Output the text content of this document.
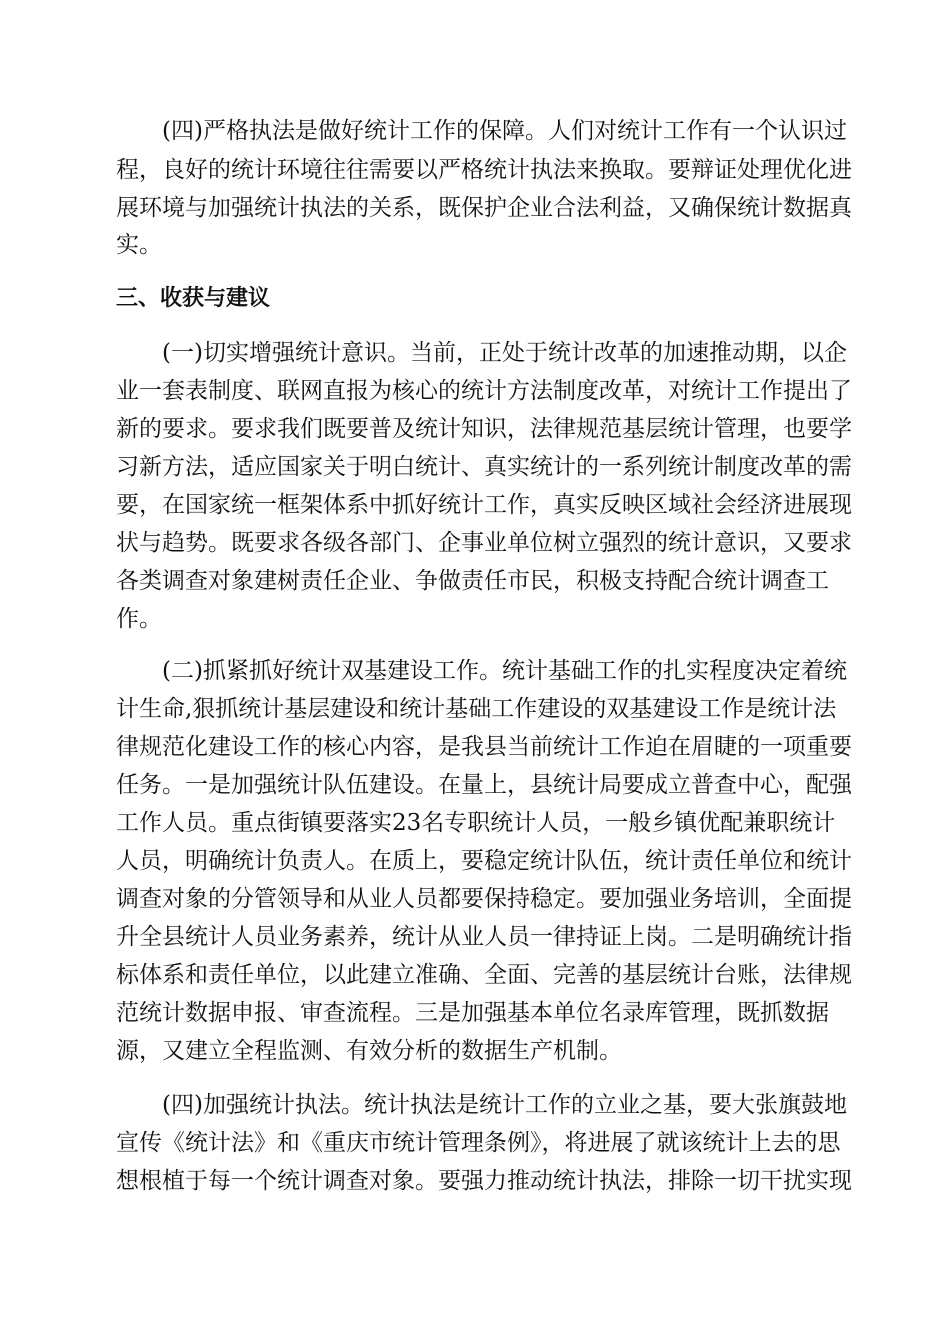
(四)严格执法是做好统计工作的保障。人们对统计工作有一个认识过

程，良好的统计环境往往需要以严格统计执法来换取。要辩证处理优化进

展环境与加强统计执法的关系，既保护企业合法利益，又确保统计数据真

实。

三、收获与建议

(一)切实增强统计意识。当前，正处于统计改革的加速推动期，以企

业一套表制度、联网直报为核心的统计方法制度改革，对统计工作提出了

新的要求。要求我们既要普及统计知识，法律规范基层统计管理，也要学

习新方法，适应国家关于明白统计、真实统计的一系列统计制度改革的需

要，在国家统一框架体系中抓好统计工作，真实反映区域社会经济进展现

状与趋势。既要求各级各部门、企事业单位树立强烈的统计意识，又要求

各类调查对象建树责任企业、争做责任市民，积极支持配合统计调查工

作。

(二)抓紧抓好统计双基建设工作。统计基础工作的扎实程度决定着统

计生命,狠抓统计基层建设和统计基础工作建设的双基建设工作是统计法

律规范化建设工作的核心内容，是我县当前统计工作迫在眉睫的一项重要

任务。一是加强统计队伍建设。在量上，县统计局要成立普查中心，配强

工作人员。重点街镇要落实23名专职统计人员，一般乡镇优配兼职统计

人员，明确统计负责人。在质上，要稳定统计队伍，统计责任单位和统计

调查对象的分管领导和从业人员都要保持稳定。要加强业务培训，全面提

升全县统计人员业务素养，统计从业人员一律持证上岗。二是明确统计指

标体系和责任单位，以此建立准确、全面、完善的基层统计台账，法律规

范统计数据申报、审查流程。三是加强基本单位名录库管理，既抓数据

源，又建立全程监测、有效分析的数据生产机制。

(四)加强统计执法。统计执法是统计工作的立业之基，要大张旗鼓地

宣传《统计法》和《重庆市统计管理条例》，将进展了就该统计上去的思

想根植于每一个统计调查对象。要强力推动统计执法，排除一切干扰实现
